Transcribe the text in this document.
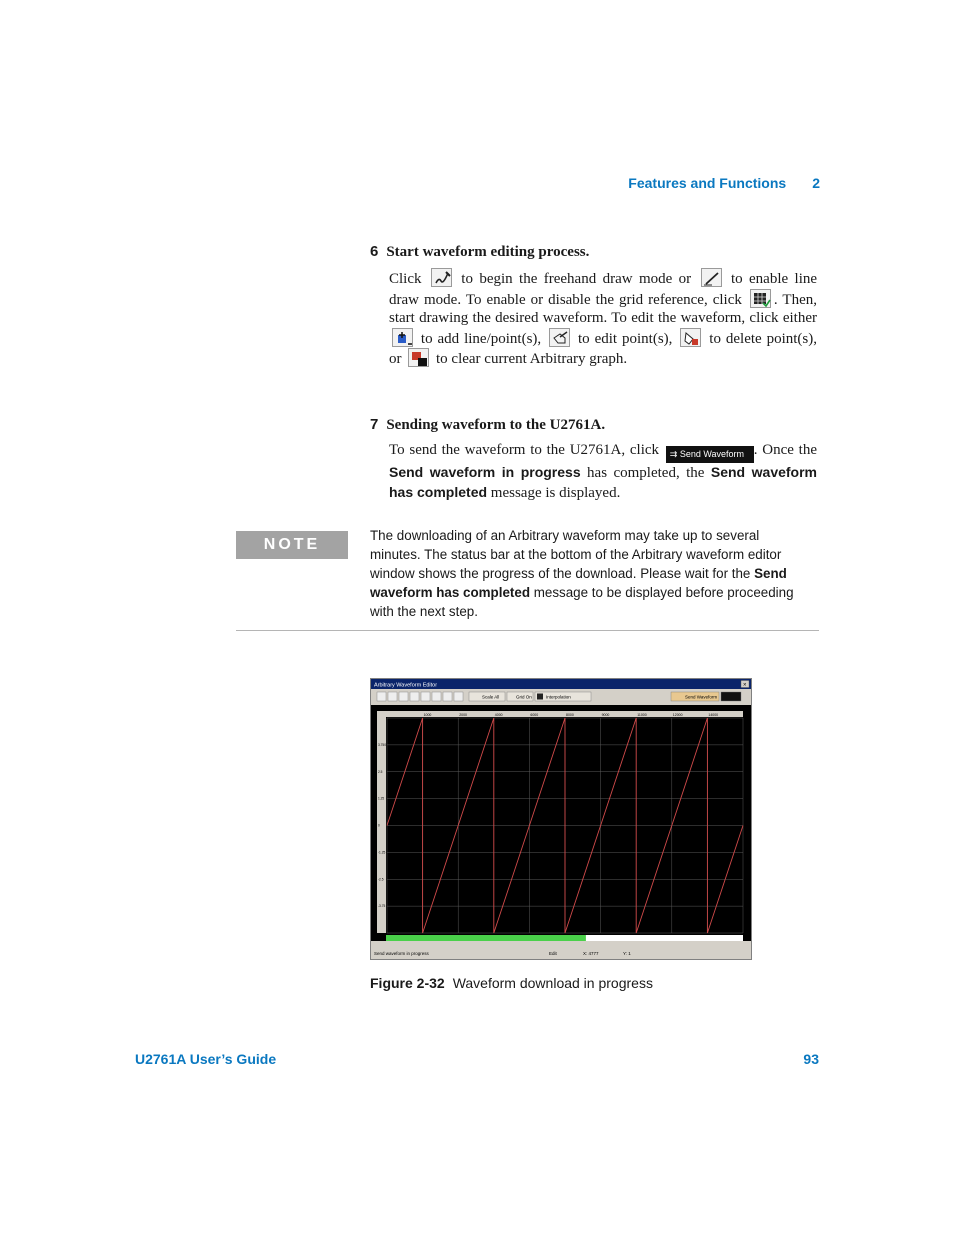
Features and Functions 2
6 Start waveform editing process.
Click	to begin the freehand draw mode or	to enable line draw mode. To enable or disable the grid reference, click . Then, start drawing the desired waveform. To edit the waveform, click either
to add line/point(s), to edit point(s), to delete point(s), or to clear current Arbitrary graph.
7 Sending waveform to the U2761A.
To send the waveform to the U2761A, click ⇉ Send Waveform . Once the Send waveform in progress has completed, the Send waveform has completed message is displayed.
NOTE
The downloading of an Arbitrary waveform may take up to several minutes. The status bar at the bottom of the Arbitrary waveform editor window shows the progress of the download. Please wait for the Send waveform has completed message to be displayed before proceeding with the next step.
Arbitrary Waveform Editor	×
Scale All	Grid On	Interpolation	Send Waveform
1000	2000	4000	6000	8000	9000	11000	12000	14000
3.750
2.5
1.25
0
-1.25
-2.5
-3.75
Send waveform in progress	Edit	X: 4777	Y: 1
Figure 2-32 Waveform download in progress
U2761A User’s Guide	93
